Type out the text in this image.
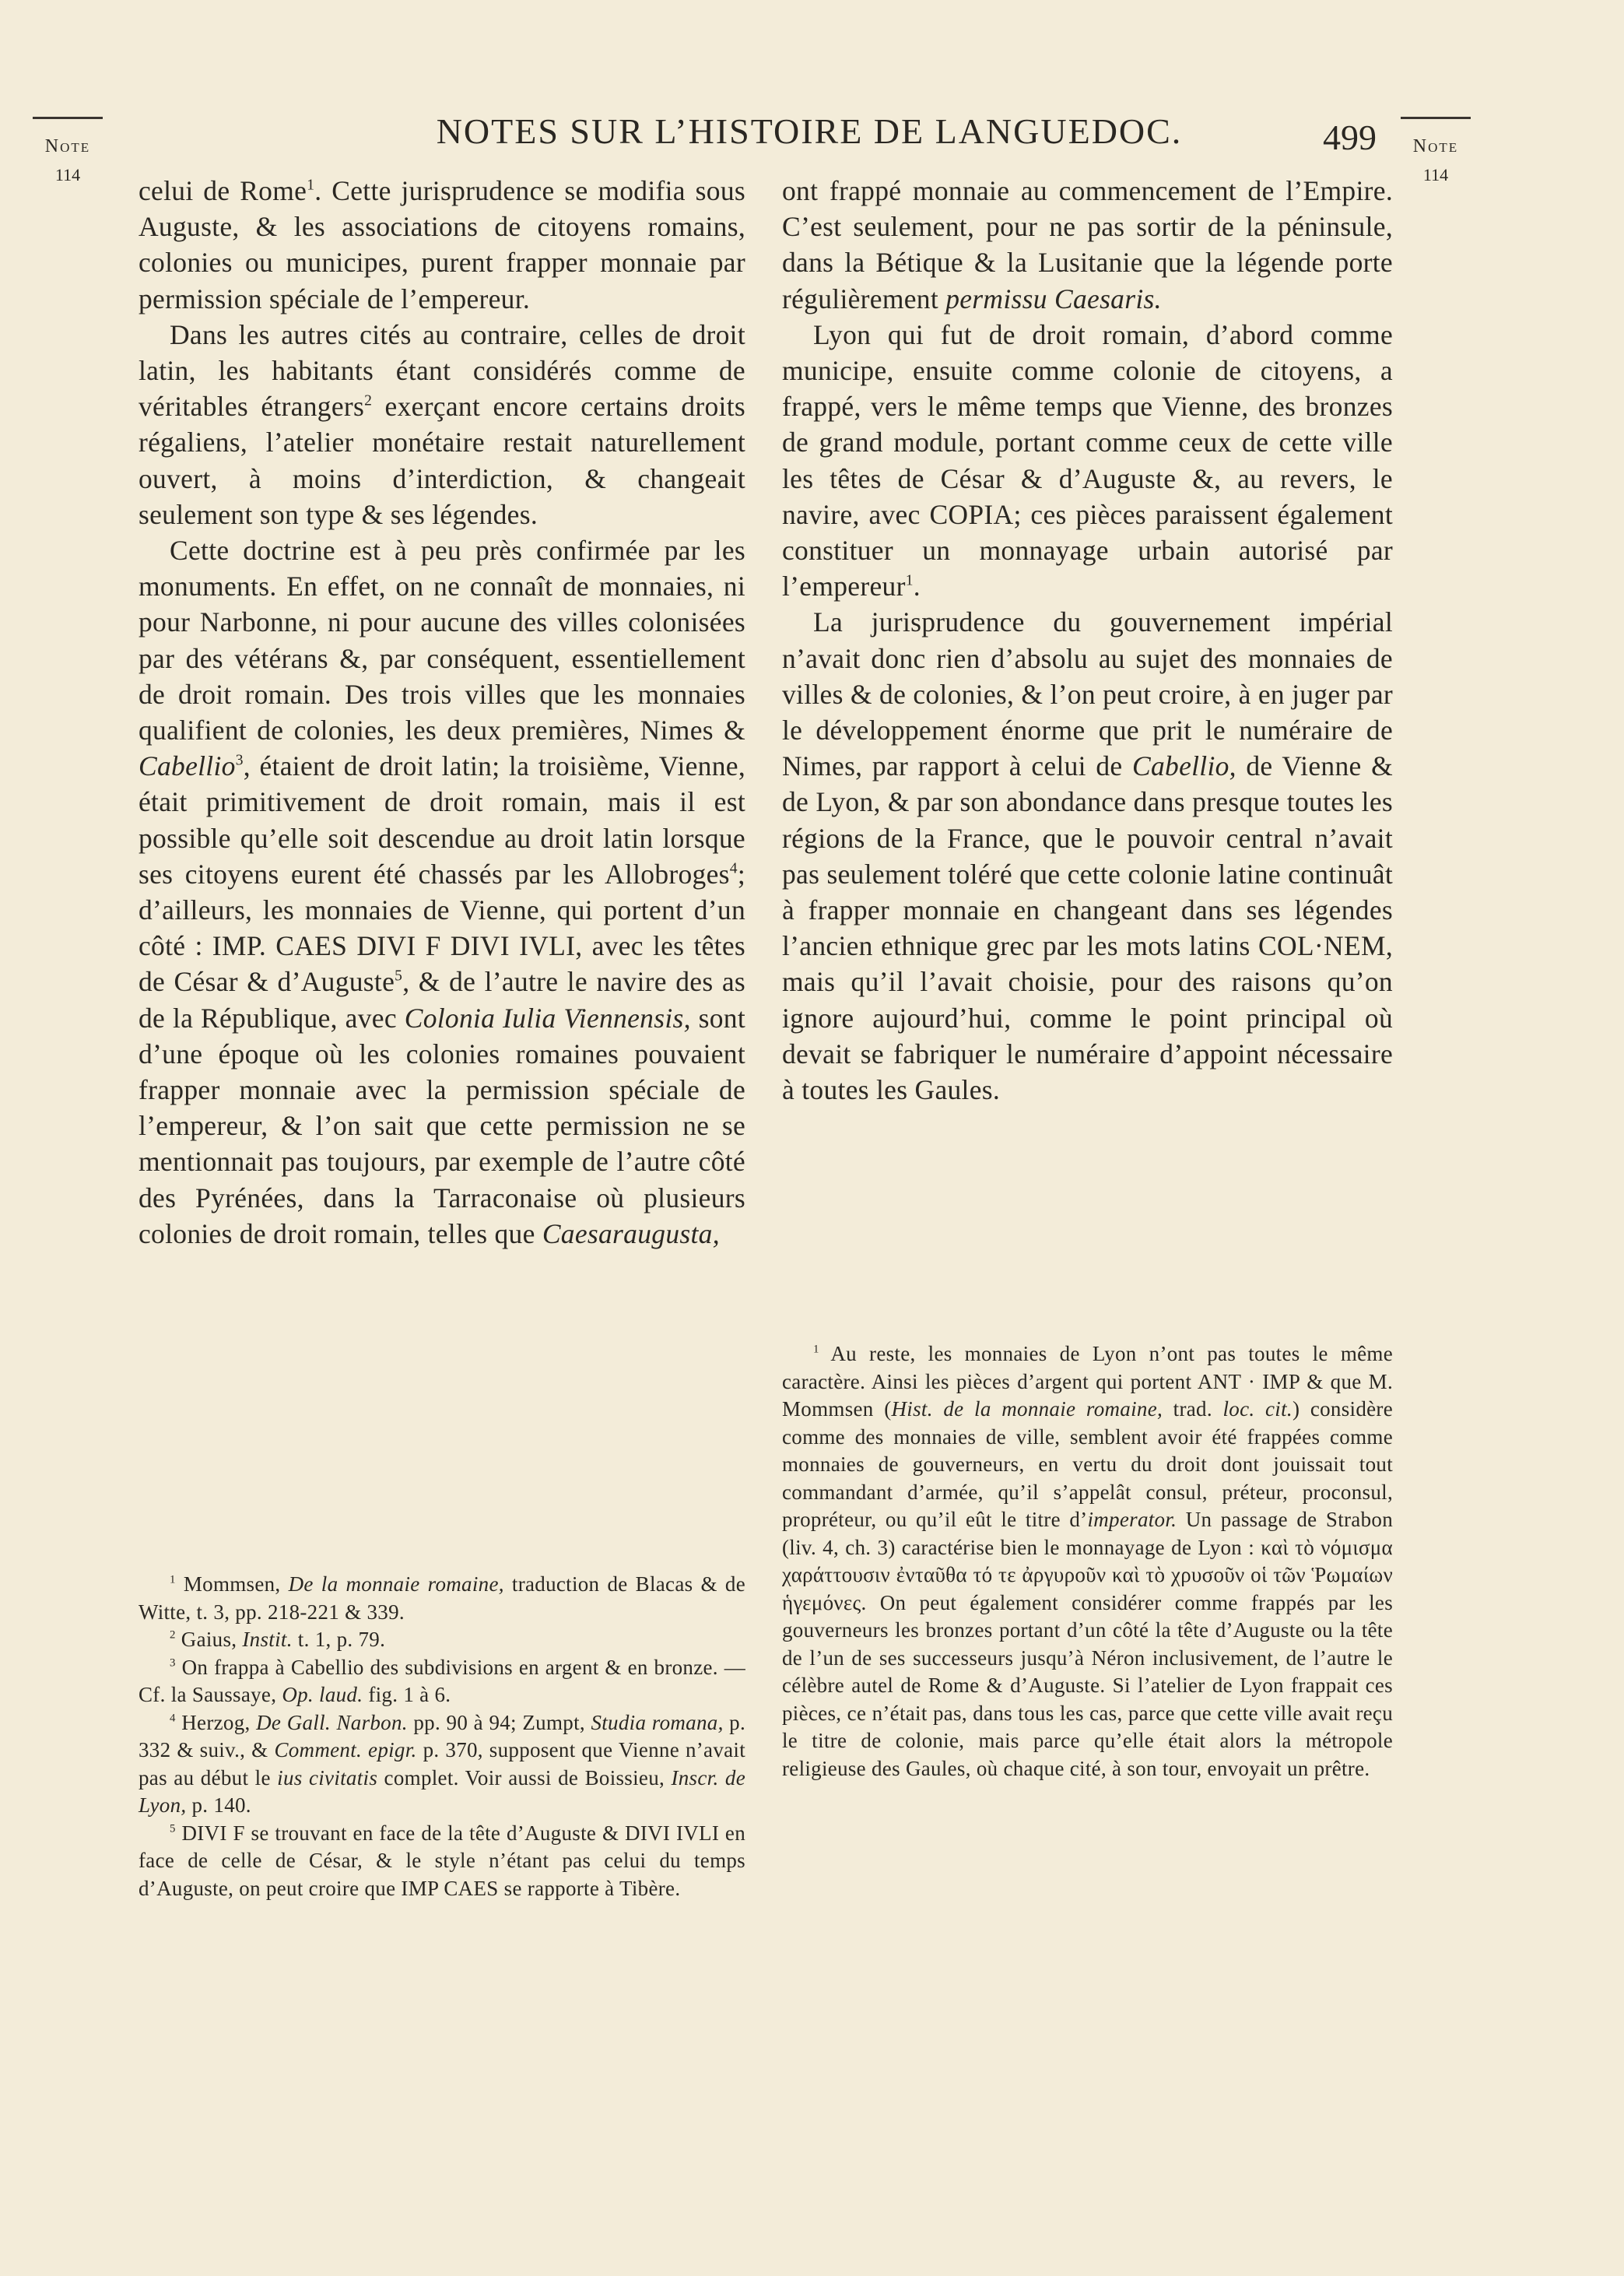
Note
114
NOTES SUR L’HISTOIRE DE LANGUEDOC.	499	Note
114

celui de Rome$^1$. Cette jurisprudence se modifia sous Auguste, & les associations de citoyens romains, colonies ou municipes, purent frapper monnaie par permission spéciale de l’empereur.

Dans les autres cités au contraire, celles de droit latin, les habitants étant considérés comme de véritables étrangers$^2$ exerçant encore certains droits régaliens, l’atelier monétaire restait naturellement ouvert, à moins d’interdiction, & changeait seulement son type & ses légendes.

Cette doctrine est à peu près confirmée par les monuments. En effet, on ne connaît de monnaies, ni pour Narbonne, ni pour aucune des villes colonisées par des vétérans &, par conséquent, essentiellement de droit romain. Des trois villes que les monnaies qualifient de colonies, les deux premières, Nimes & Cabellio$^3$, étaient de droit latin; la troisième, Vienne, était primitivement de droit romain, mais il est possible qu’elle soit descendue au droit latin lorsque ses citoyens eurent été chassés par les Allobroges$^4$; d’ailleurs, les monnaies de Vienne, qui portent d’un côté : IMP. CAES DIVI F DIVI IVLI, avec les têtes de César & d’Auguste$^5$, & de l’autre le navire des as de la République, avec Colonia Iulia Viennensis, sont d’une époque où les colonies romaines pouvaient frapper monnaie avec la permission spéciale de l’empereur, & l’on sait que cette permission ne se mentionnait pas toujours, par exemple de l’autre côté des Pyrénées, dans la Tarraconaise où plusieurs colonies de droit romain, telles que Caesaraugusta,

ont frappé monnaie au commencement de l’Empire. C’est seulement, pour ne pas sortir de la péninsule, dans la Bétique & la Lusitanie que la légende porte régulièrement permissu Caesaris.

Lyon qui fut de droit romain, d’abord comme municipe, ensuite comme colonie de citoyens, a frappé, vers le même temps que Vienne, des bronzes de grand module, portant comme ceux de cette ville les têtes de César & d’Auguste &, au revers, le navire, avec COPIA; ces pièces paraissent également constituer un monnayage urbain autorisé par l’empereur$^1$.

La jurisprudence du gouvernement impérial n’avait donc rien d’absolu au sujet des monnaies de villes & de colonies, & l’on peut croire, à en juger par le développement énorme que prit le numéraire de Nimes, par rapport à celui de Cabellio, de Vienne & de Lyon, & par son abondance dans presque toutes les régions de la France, que le pouvoir central n’avait pas seulement toléré que cette colonie latine continuât à frapper monnaie en changeant dans ses légendes l’ancien ethnique grec par les mots latins COL·NEM, mais qu’il l’avait choisie, pour des raisons qu’on ignore aujourd’hui, comme le point principal où devait se fabriquer le numéraire d’appoint nécessaire à toutes les Gaules.

$^1$ Mommsen, De la monnaie romaine, traduction de Blacas & de Witte, t. 3, pp. 218-221 & 339.

$^2$ Gaius, Instit. t. 1, p. 79.

$^3$ On frappa à Cabellio des subdivisions en argent & en bronze. — Cf. la Saussaye, Op. laud. fig. 1 à 6.

$^4$ Herzog, De Gall. Narbon. pp. 90 à 94; Zumpt, Studia romana, p. 332 & suiv., & Comment. epigr. p. 370, supposent que Vienne n’avait pas au début le ius civitatis complet. Voir aussi de Boissieu, Inscr. de Lyon, p. 140.

$^5$ DIVI F se trouvant en face de la tête d’Auguste & DIVI IVLI en face de celle de César, & le style n’étant pas celui du temps d’Auguste, on peut croire que IMP CAES se rapporte à Tibère.

$^1$ Au reste, les monnaies de Lyon n’ont pas toutes le même caractère. Ainsi les pièces d’argent qui portent ANT · IMP & que M. Mommsen (Hist. de la monnaie romaine, trad. loc. cit.) considère comme des monnaies de ville, semblent avoir été frappées comme monnaies de gouverneurs, en vertu du droit dont jouissait tout commandant d’armée, qu’il s’appelât consul, préteur, proconsul, propréteur, ou qu’il eût le titre d’imperator. Un passage de Strabon (liv. 4, ch. 3) caractérise bien le monnayage de Lyon : καὶ τὸ νόμισμα χαράττουσιν ἐνταῦθα τό τε ἀργυροῦν καὶ τὸ χρυσοῦν οἱ τῶν Ῥωμαίων ἡγεμόνες. On peut également considérer comme frappés par les gouverneurs les bronzes portant d’un côté la tête d’Auguste ou la tête de l’un de ses successeurs jusqu’à Néron inclusivement, de l’autre le célèbre autel de Rome & d’Auguste. Si l’atelier de Lyon frappait ces pièces, ce n’était pas, dans tous les cas, parce que cette ville avait reçu le titre de colonie, mais parce qu’elle était alors la métropole religieuse des Gaules, où chaque cité, à son tour, envoyait un prêtre.
